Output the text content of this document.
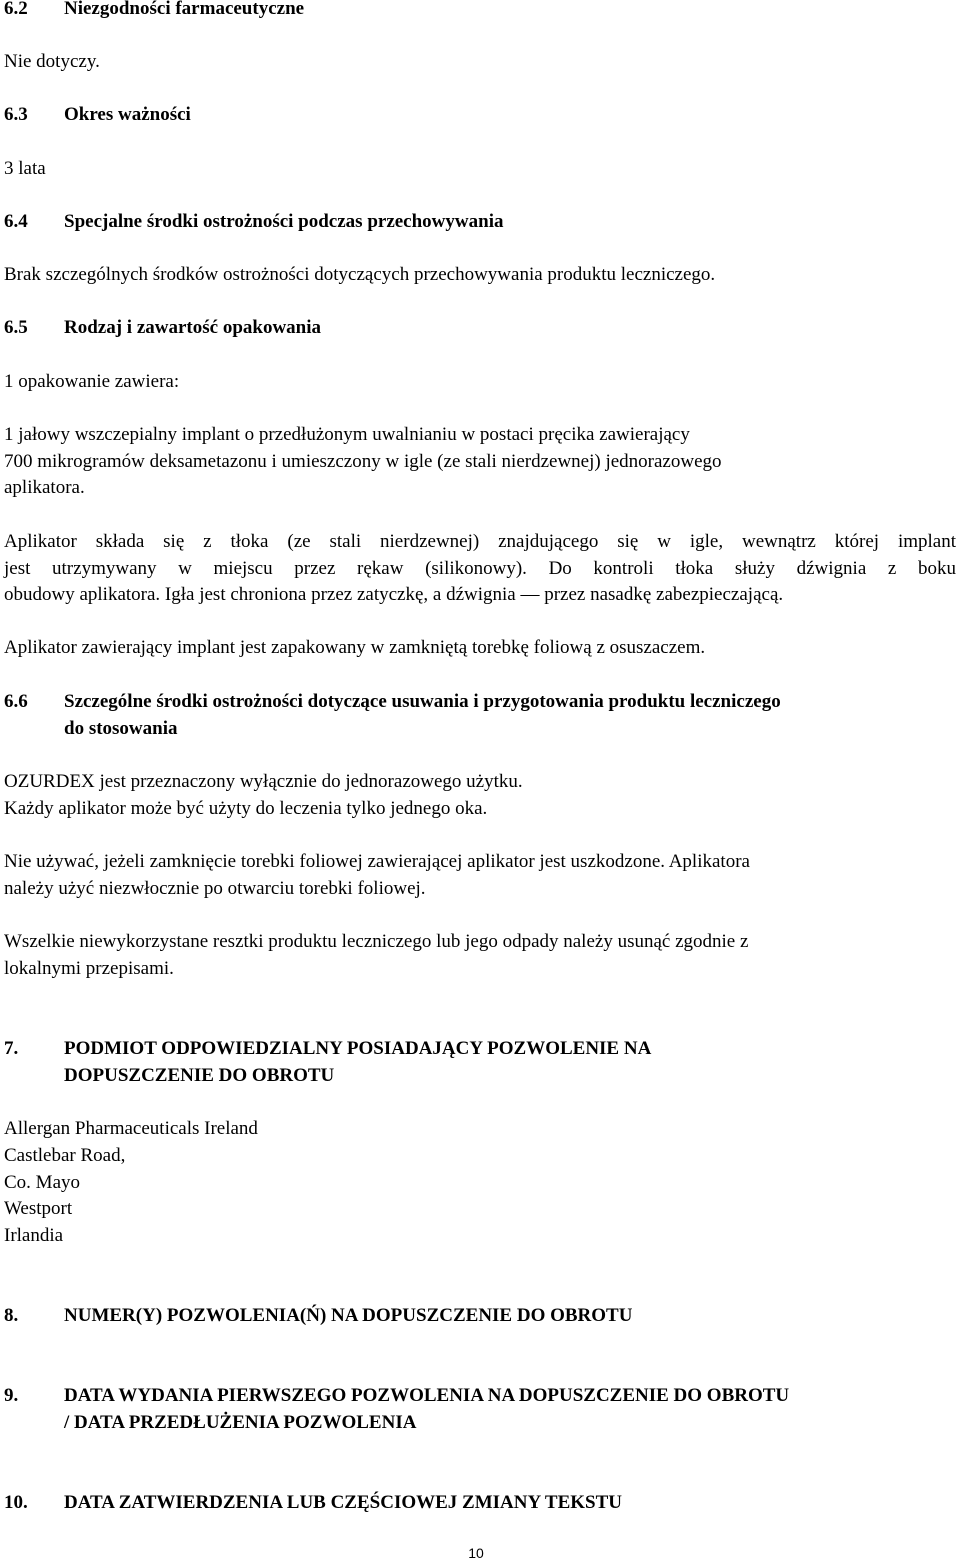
6.2 Niezgodności farmaceutyczne
Nie dotyczy.
6.3 Okres ważności
3 lata
6.4 Specjalne środki ostrożności podczas przechowywania
Brak szczególnych środków ostrożności dotyczących przechowywania produktu leczniczego.
6.5 Rodzaj i zawartość opakowania
1 opakowanie zawiera:
1 jałowy wszczepialny implant o przedłużonym uwalnianiu w postaci pręcika zawierający
700 mikrogramów deksametazonu i umieszczony w igle (ze stali nierdzewnej) jednorazowego
aplikatora.
Aplikator składa się z tłoka (ze stali nierdzewnej) znajdującego się w igle, wewnątrz której implant
jest utrzymywany w miejscu przez rękaw (silikonowy). Do kontroli tłoka służy dźwignia z boku
obudowy aplikatora. Igła jest chroniona przez zatyczkę, a dźwignia — przez nasadkę zabezpieczającą.
Aplikator zawierający implant jest zapakowany w zamkniętą torebkę foliową z osuszaczem.
6.6 Szczególne środki ostrożności dotyczące usuwania i przygotowania produktu leczniczego
do stosowania
OZURDEX jest przeznaczony wyłącznie do jednorazowego użytku.
Każdy aplikator może być użyty do leczenia tylko jednego oka.
Nie używać, jeżeli zamknięcie torebki foliowej zawierającej aplikator jest uszkodzone. Aplikatora
należy użyć niezwłocznie po otwarciu torebki foliowej.
Wszelkie niewykorzystane resztki produktu leczniczego lub jego odpady należy usunąć zgodnie z
lokalnymi przepisami.
7. PODMIOT ODPOWIEDZIALNY POSIADAJĄCY POZWOLENIE NA
DOPUSZCZENIE DO OBROTU
Allergan Pharmaceuticals Ireland
Castlebar Road,
Co. Mayo
Westport
Irlandia
8. NUMER(Y) POZWOLENIA(Ń) NA DOPUSZCZENIE DO OBROTU
9. DATA WYDANIA PIERWSZEGO POZWOLENIA NA DOPUSZCZENIE DO OBROTU
/ DATA PRZEDŁUŻENIA POZWOLENIA
10. DATA ZATWIERDZENIA LUB CZĘŚCIOWEJ ZMIANY TEKSTU
10
